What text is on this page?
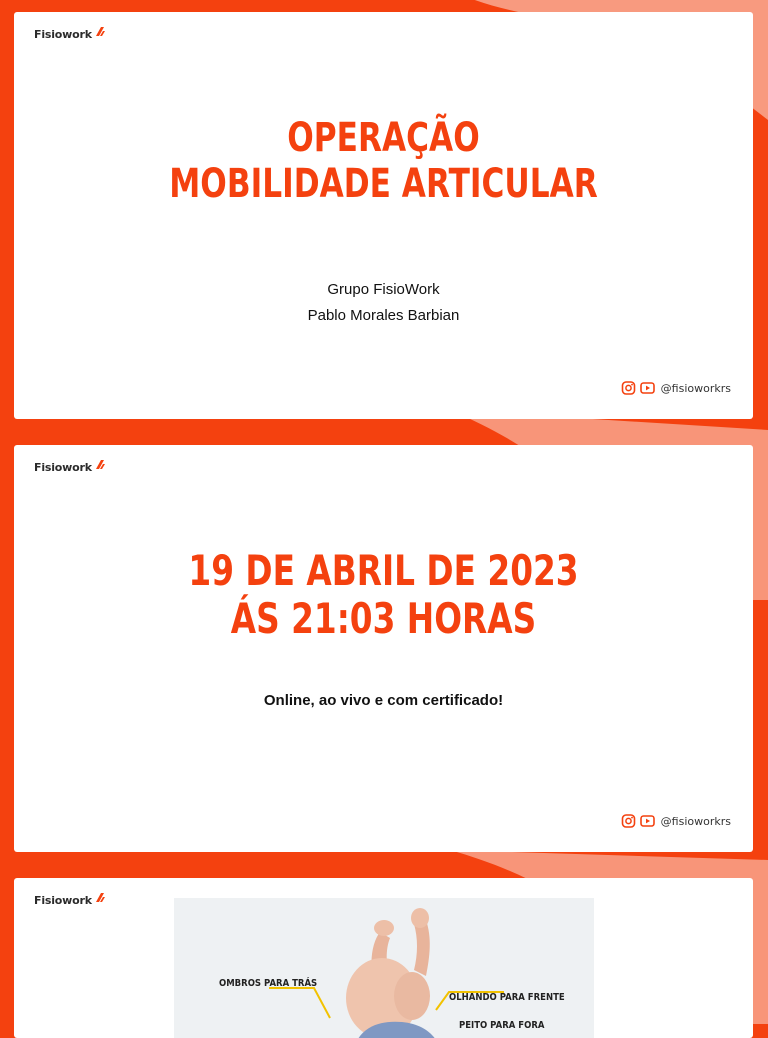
Fisiowork
OPERAÇÃO
MOBILIDADE ARTICULAR
Grupo FisioWork
Pablo Morales Barbian
@fisioworkrs
Fisiowork
19 DE ABRIL DE 2023
ÁS 21:03 HORAS
Online, ao vivo e com certificado!
@fisioworkrs
Fisiowork
OMBROS PARA TRÁS
OLHANDO PARA FRENTE
PEITO PARA FORA
